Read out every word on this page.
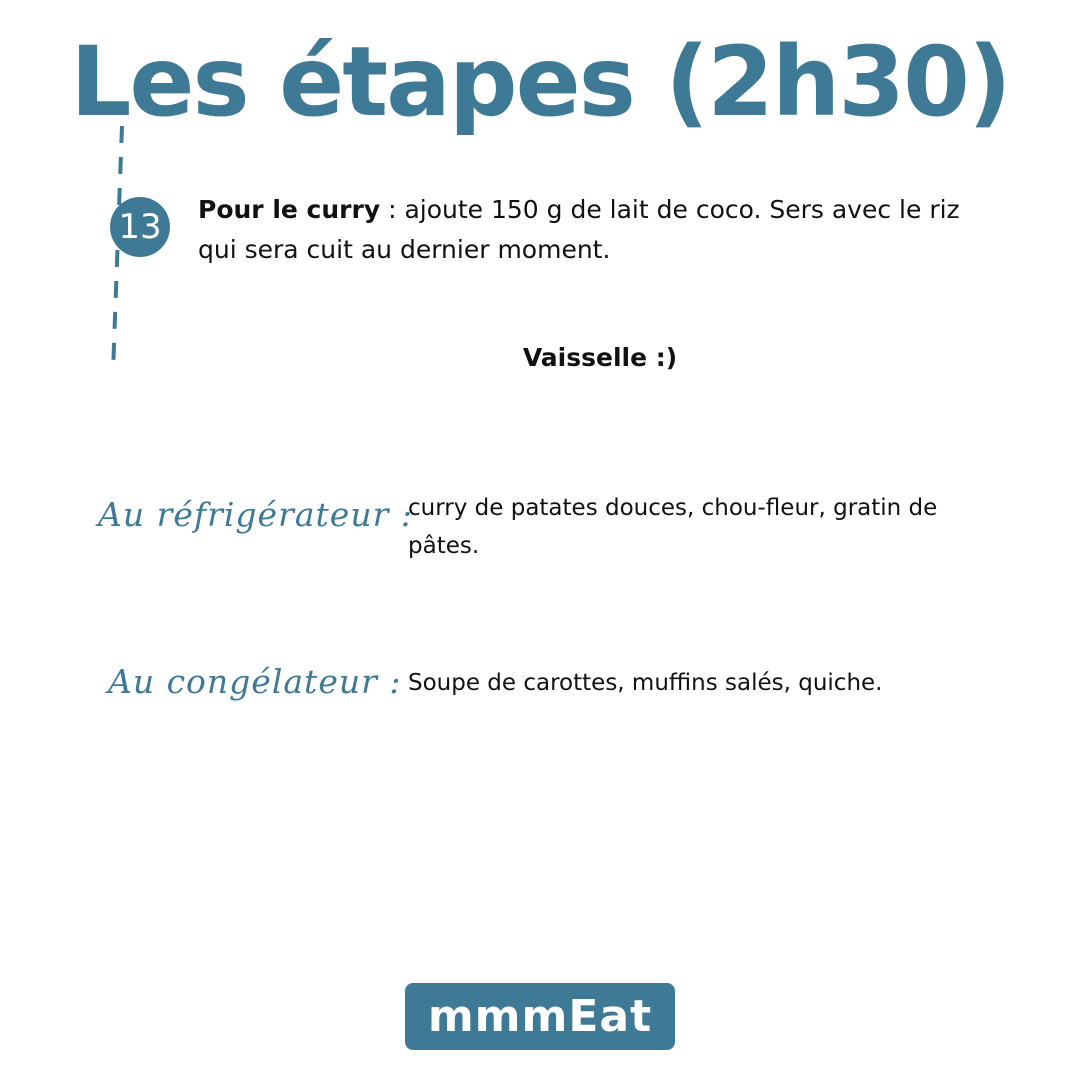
Les étapes (2h30)
13 Pour le curry : ajoute 150 g de lait de coco. Sers avec le riz qui sera cuit au dernier moment.

Vaisselle :)

Au réfrigérateur :

curry de patates douces, chou-fleur, gratin de pâtes.

Au congélateur : Soupe de carottes, muffins salés, quiche.

mmmEat
